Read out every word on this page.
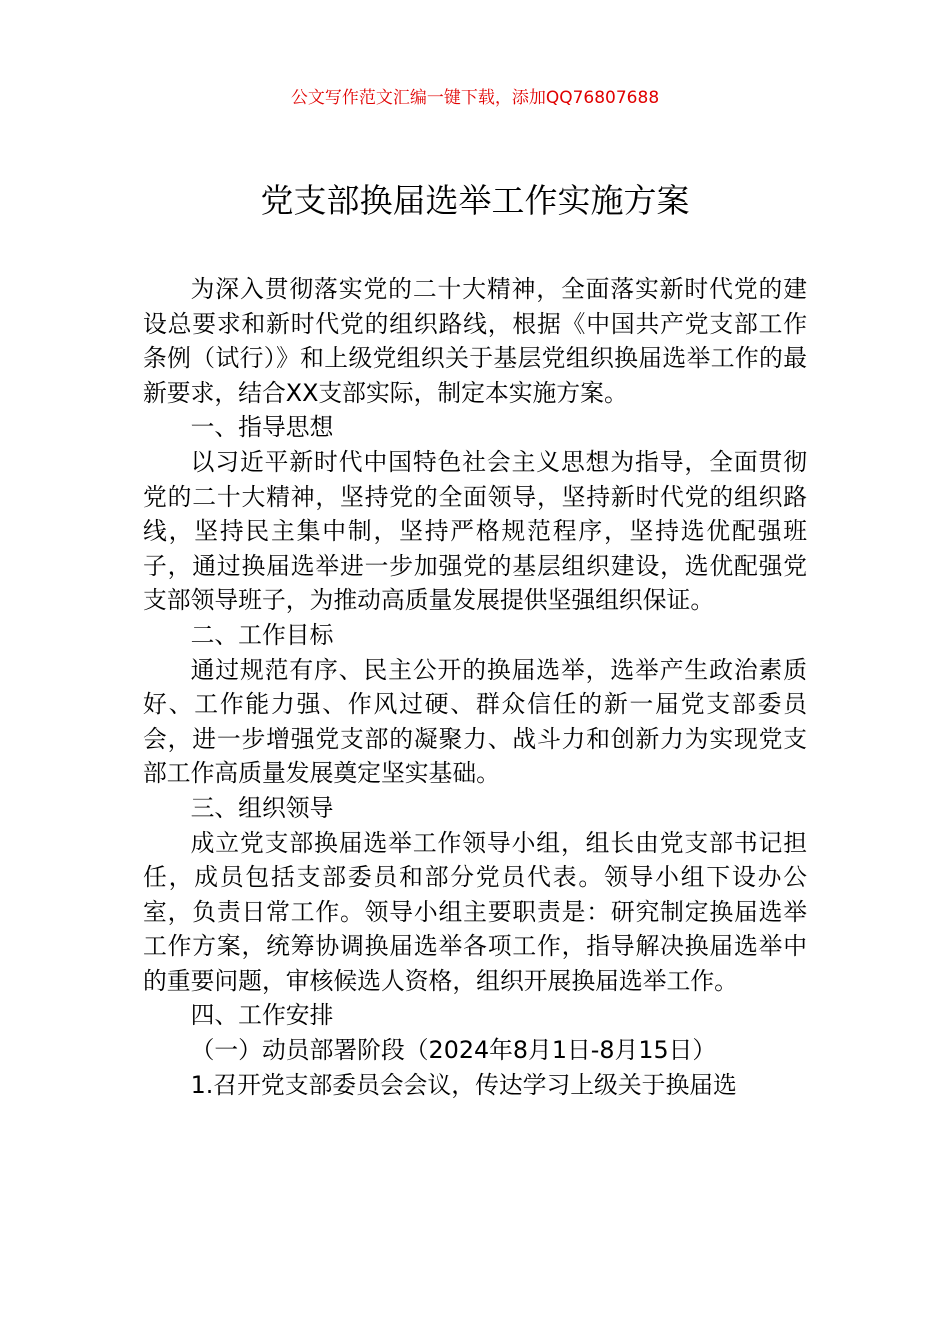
公文写作范文汇编一键下载，添加QQ76807688
党支部换届选举工作实施方案

为深入贯彻落实党的二十大精神，全面落实新时代党的建设总要求和新时代党的组织路线，根据《中国共产党支部工作条例（试行）》和上级党组织关于基层党组织换届选举工作的最新要求，结合XX支部实际，制定本实施方案。

一、指导思想

以习近平新时代中国特色社会主义思想为指导，全面贯彻党的二十大精神，坚持党的全面领导，坚持新时代党的组织路线，坚持民主集中制，坚持严格规范程序，坚持选优配强班子，通过换届选举进一步加强党的基层组织建设，选优配强党支部领导班子，为推动高质量发展提供坚强组织保证。

二、工作目标

通过规范有序、民主公开的换届选举，选举产生政治素质好、工作能力强、作风过硬、群众信任的新一届党支部委员会，进一步增强党支部的凝聚力、战斗力和创新力为实现党支部工作高质量发展奠定坚实基础。

三、组织领导

成立党支部换届选举工作领导小组，组长由党支部书记担任，成员包括支部委员和部分党员代表。领导小组下设办公室，负责日常工作。领导小组主要职责是：研究制定换届选举工作方案，统筹协调换届选举各项工作，指导解决换届选举中的重要问题，审核候选人资格，组织开展换届选举工作。

四、工作安排

（一）动员部署阶段（2024年8月1日-8月15日）

1.召开党支部委员会会议，传达学习上级关于换届选
